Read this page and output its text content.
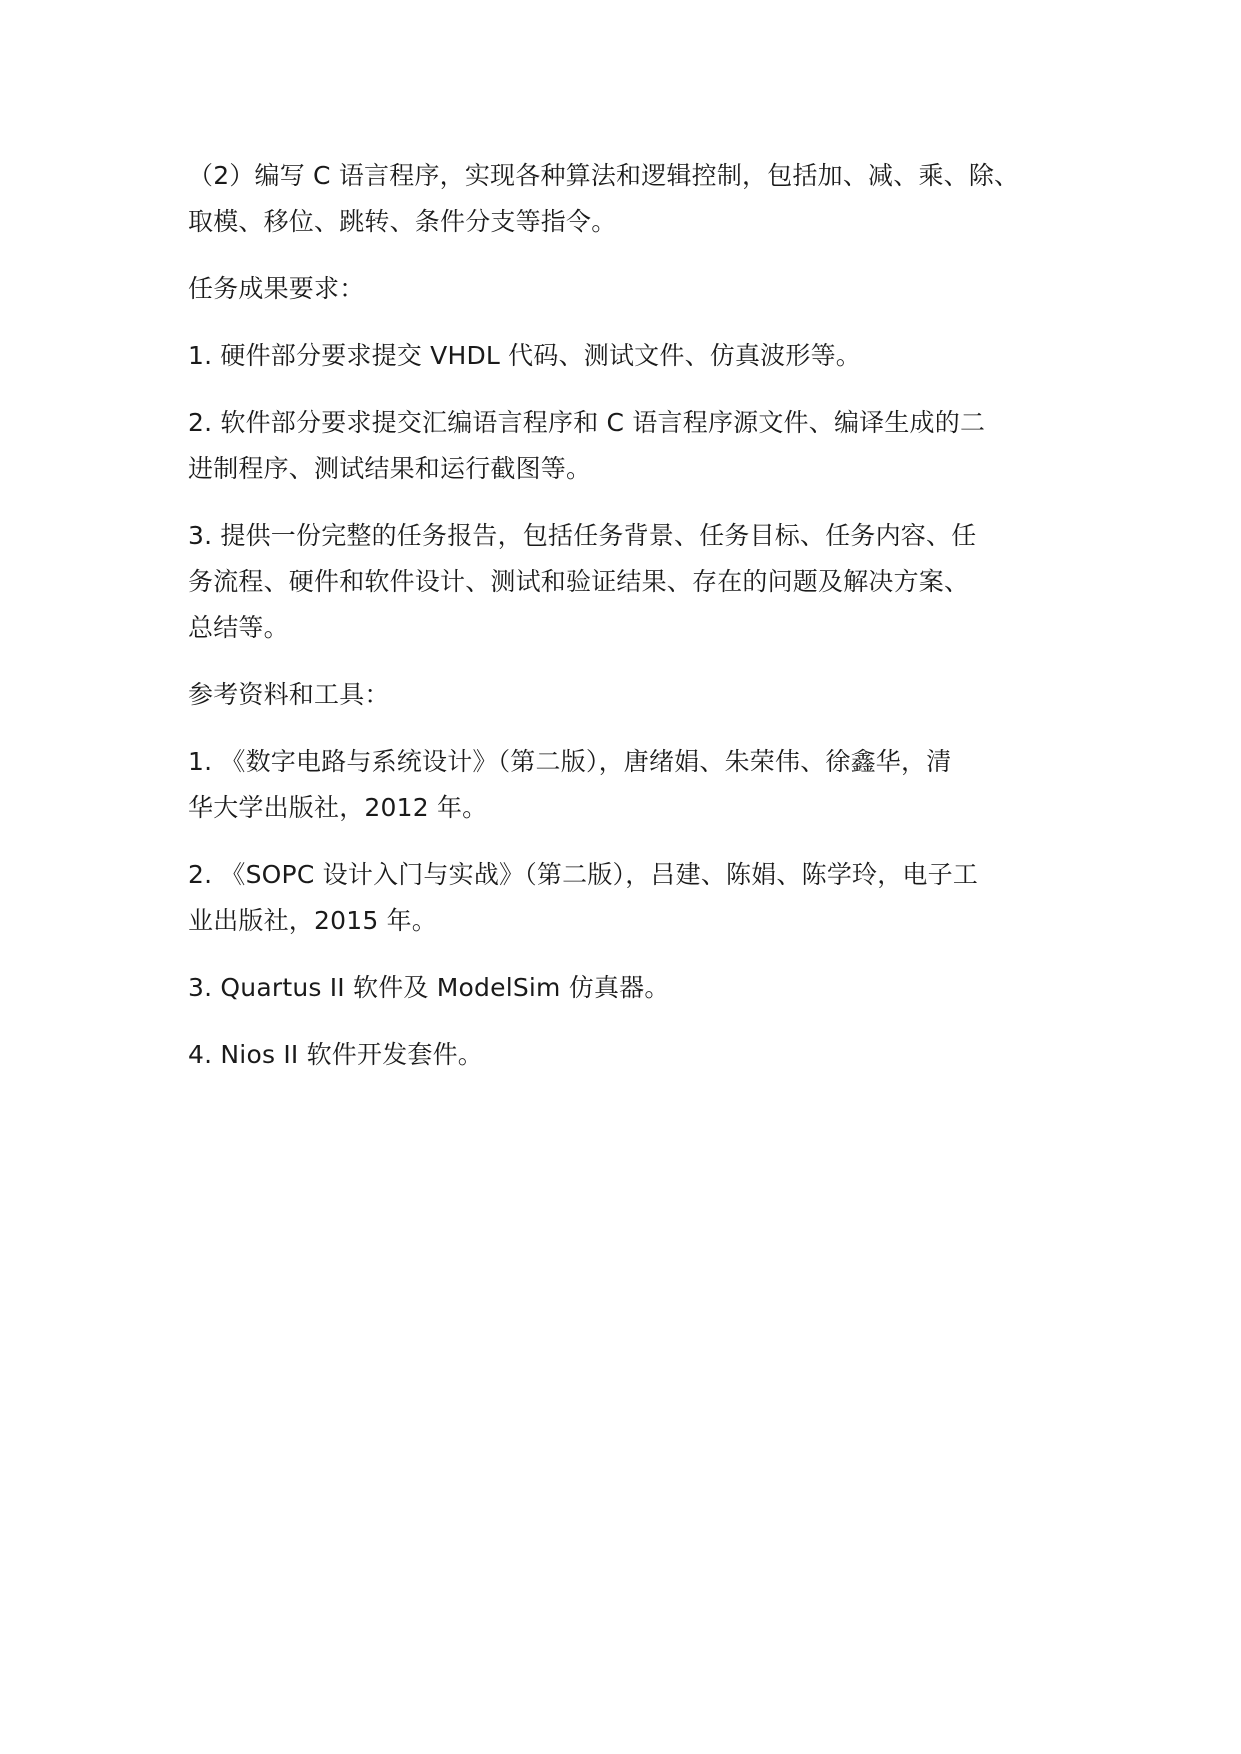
（2）编写 C 语言程序，实现各种算法和逻辑控制，包括加、减、乘、除、
取模、移位、跳转、条件分支等指令。

任务成果要求：

1. 硬件部分要求提交 VHDL 代码、测试文件、仿真波形等。

2. 软件部分要求提交汇编语言程序和 C 语言程序源文件、编译生成的二
进制程序、测试结果和运行截图等。

3. 提供一份完整的任务报告，包括任务背景、任务目标、任务内容、任
务流程、硬件和软件设计、测试和验证结果、存在的问题及解决方案、
总结等。

参考资料和工具：

1. 《数字电路与系统设计》（第二版），唐绪娟、朱荣伟、徐鑫华，清
华大学出版社，2012 年。

2. 《SOPC 设计入门与实战》（第二版），吕建、陈娟、陈学玲，电子工
业出版社，2015 年。

3. Quartus II 软件及 ModelSim 仿真器。

4. Nios II 软件开发套件。
